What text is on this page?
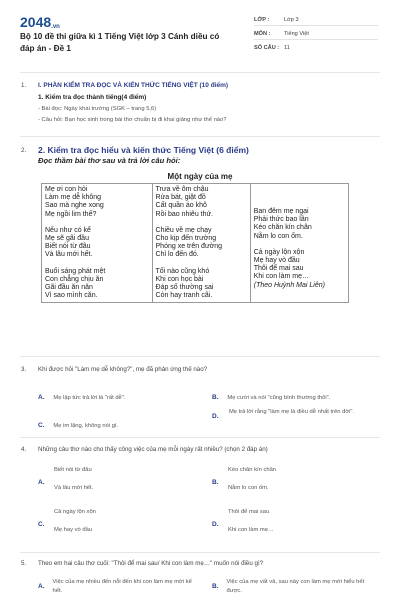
2048.vn
Bộ 10 đề thi giữa kì 1 Tiếng Việt lớp 3 Cánh diều có đáp án - Đề 1
LỚP :	Lớp 3
MÔN : Tiếng Việt
SỐ CÂU : 11
1. I. PHẦN KIỂM TRA ĐỌC VÀ KIẾN THỨC TIẾNG VIỆT (10 điểm)
1. Kiểm tra đọc thành tiếng(4 điểm)
- Bài đọc: Ngày khai trường (SGK – trang 5,6)
- Câu hỏi: Bạn học sinh trong bài thơ chuẩn bị đi khai giảng như thế nào?
2. 2. Kiểm tra đọc hiểu và kiến thức Tiếng Việt (6 điểm)
Đọc thầm bài thơ sau và trả lời câu hỏi:
Một ngày của mẹ
Mẹ ơi con hỏi
Làm mẹ dễ không
Sao mà nghe xong
Mẹ ngồi lim thế?
Nếu như có kể
Mẹ sẽ gãi đầu
Biết nói từ đâu
Và lâu mới hết.
Buổi sáng phát mệt
Con chẳng chịu ăn
Gãi đầu ăn năn
Vì sao mình căn.

Trưa về ôm chậu
Rửa bát, giặt đồ
Cất quần áo khô
Rồi bao nhiêu thứ.
Chiều về mẹ chạy
Cho kịp đến trường
Phóng xe trên đường
Chỉ lo đến đó.
Tối nào cũng khó
Khi con học bài
Đáp số thường sai
Còn hay tranh cãi.

Ban đêm mẹ ngại
Phải thức bao lần
Kéo chăn kín chân
Nằm lo con ốm.
Cả ngày lộn xộn
Mẹ hay vò đầu
Thôi để mai sau
Khi con làm mẹ…
(Theo Huỳnh Mai Liên)
3. Khi được hỏi "Làm mẹ dễ không?", mẹ đã phản ứng thế nào?
A. Mẹ lập tức trả lời là "rất dễ".	B. Mẹ cười và nói "cũng bình thường thôi".
C. Mẹ im lặng, không nói gì.
D.

Mẹ trả lời rằng "làm mẹ là điều dễ nhất trên đời".
4. Những câu thơ nào cho thấy công việc của mẹ mỗi ngày rất nhiều? (chọn 2 đáp án)
A.
Biết nói từ đâu
Và lâu mới hết.
B.
Kéo chăn kín chân
Nằm lo con ốm.
C.
Cả ngày lộn xộn
Mẹ hay vò đầu
D.
Thôi để mai sau
Khi con làm mẹ…
5. Theo em hai câu thơ cuối: "Thôi để mai sau/ Khi con làm mẹ…" muốn nói điều gì?
A.
Việc của mẹ nhiều đến nỗi đến khi con làm mẹ mới kể hết.
B.
Việc của mẹ vất vả, sau này con làm mẹ mới hiểu hết được.
